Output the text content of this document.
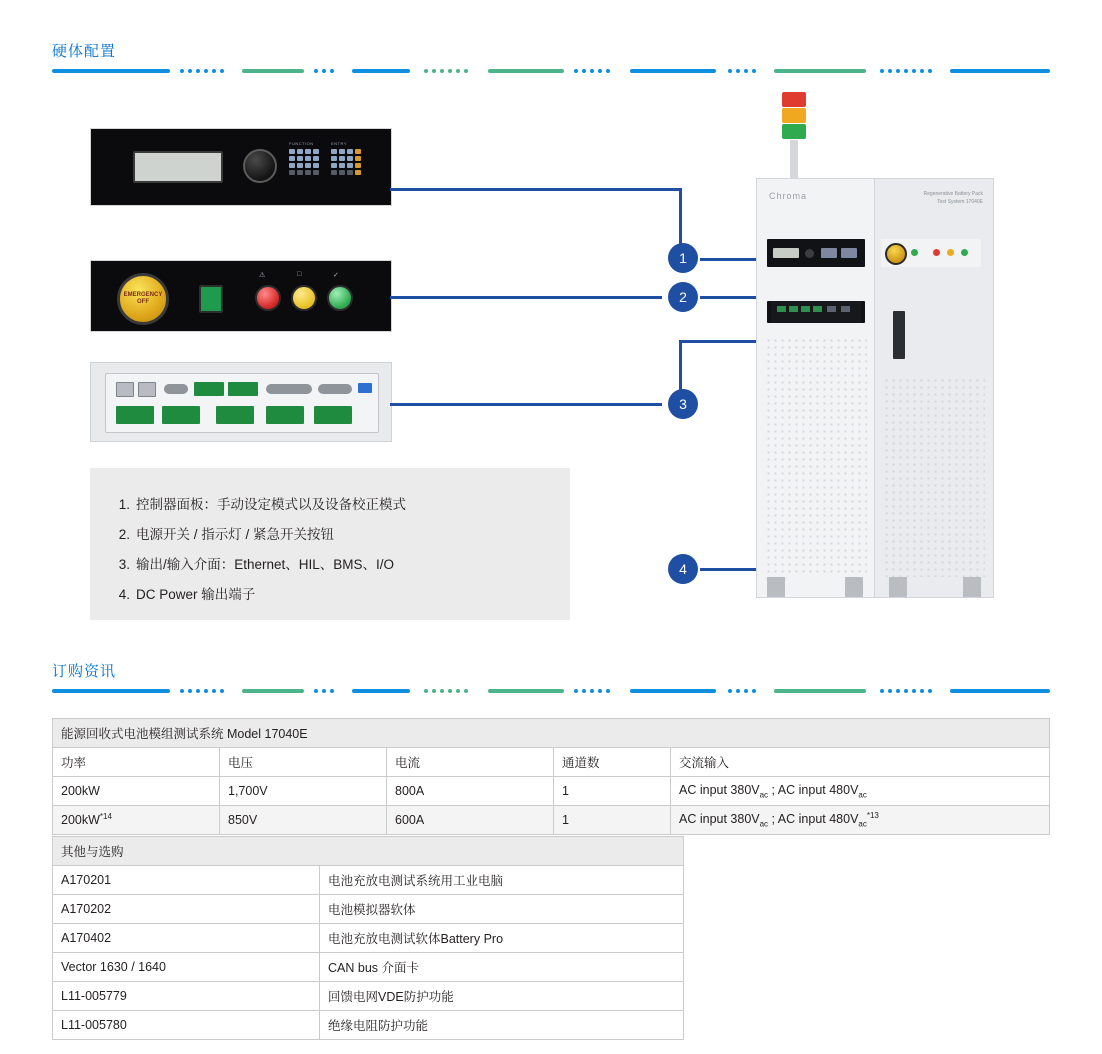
硬体配置
FUNCTION	ENTRY
EMERGENCY OFF
⚠	□	✓
1
2
3
4
控制器面板：手动设定模式以及设备校正模式
电源开关 / 指示灯 / 紧急开关按钮
输出/输入介面：Ethernet、HIL、BMS、I/O
DC Power 输出端子
Chroma	Regenerative Battery Pack
Test System 17040E
订购资讯
能源回收式电池模组测试系统 Model 17040E				
功率	电压	电流	通道数	交流输入
200kW	1,700V	800A	1	AC input $380V_{ac}$ ; AC input $480V_{ac}$
$200kW^{*14}$	850V	600A	1	AC input $380V_{ac}$ ; AC input $480V_{ac}^{*13}$
其他与选购	
A170201	电池充放电测试系统用工业电脑
A170202	电池模拟器软体
A170402	电池充放电测试软体Battery Pro
Vector 1630 / 1640	CAN bus 介面卡
L11-005779	回馈电网VDE防护功能
L11-005780	绝缘电阻防护功能
